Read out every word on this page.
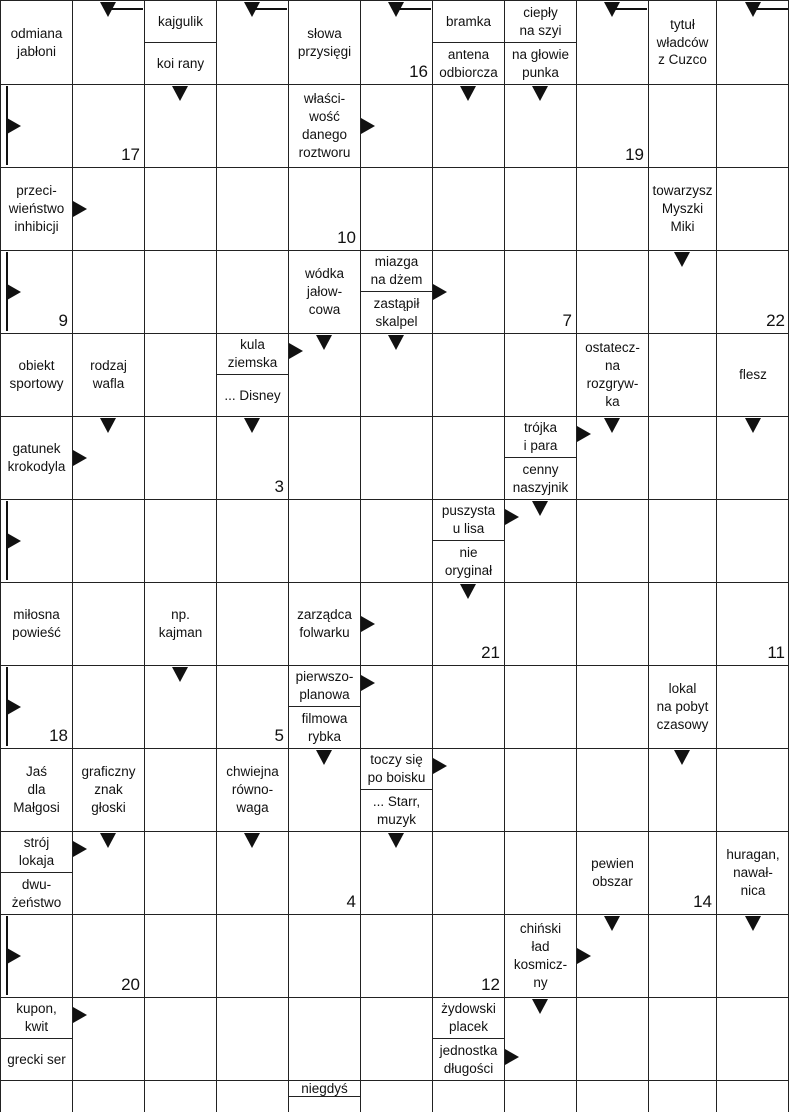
odmiana
jabłoni
kajgulik
koi rany
słowa
przysięgi
bramka
antena
odbiorcza
ciepły
na szyi
na głowie
punka
tytuł
władców
z Cuzco
właści-
wość
danego
roztworu
przeci-
wieństwo
inhibicji
towarzysz
Myszki
Miki
wódka
jałow-
cowa
miazga
na dżem
zastąpił
skalpel
obiekt
sportowy
rodzaj
wafla
kula
ziemska
... Disney
ostatecz-
na
rozgryw-
ka
flesz
gatunek
krokodyla
trójka
i para
cenny
naszyjnik
puszysta
u lisa
nie
oryginał
miłosna
powieść
np.
kajman
zarządca
folwarku
pierwszo-
planowa
filmowa
rybka
lokal
na pobyt
czasowy
Jaś
dla
Małgosi
graficzny
znak
głoski
chwiejna
równo-
waga
toczy się
po boisku
... Starr,
muzyk
strój
lokaja
dwu-
żeństwo
pewien
obszar
huragan,
nawał-
nica
chiński
ład
kosmicz-
ny
kupon,
kwit
grecki ser
żydowski
placek
jednostka
długości
niegdyś
16
17	19
10
9	7	22
3
21	11
18	5
4	14
20	12
